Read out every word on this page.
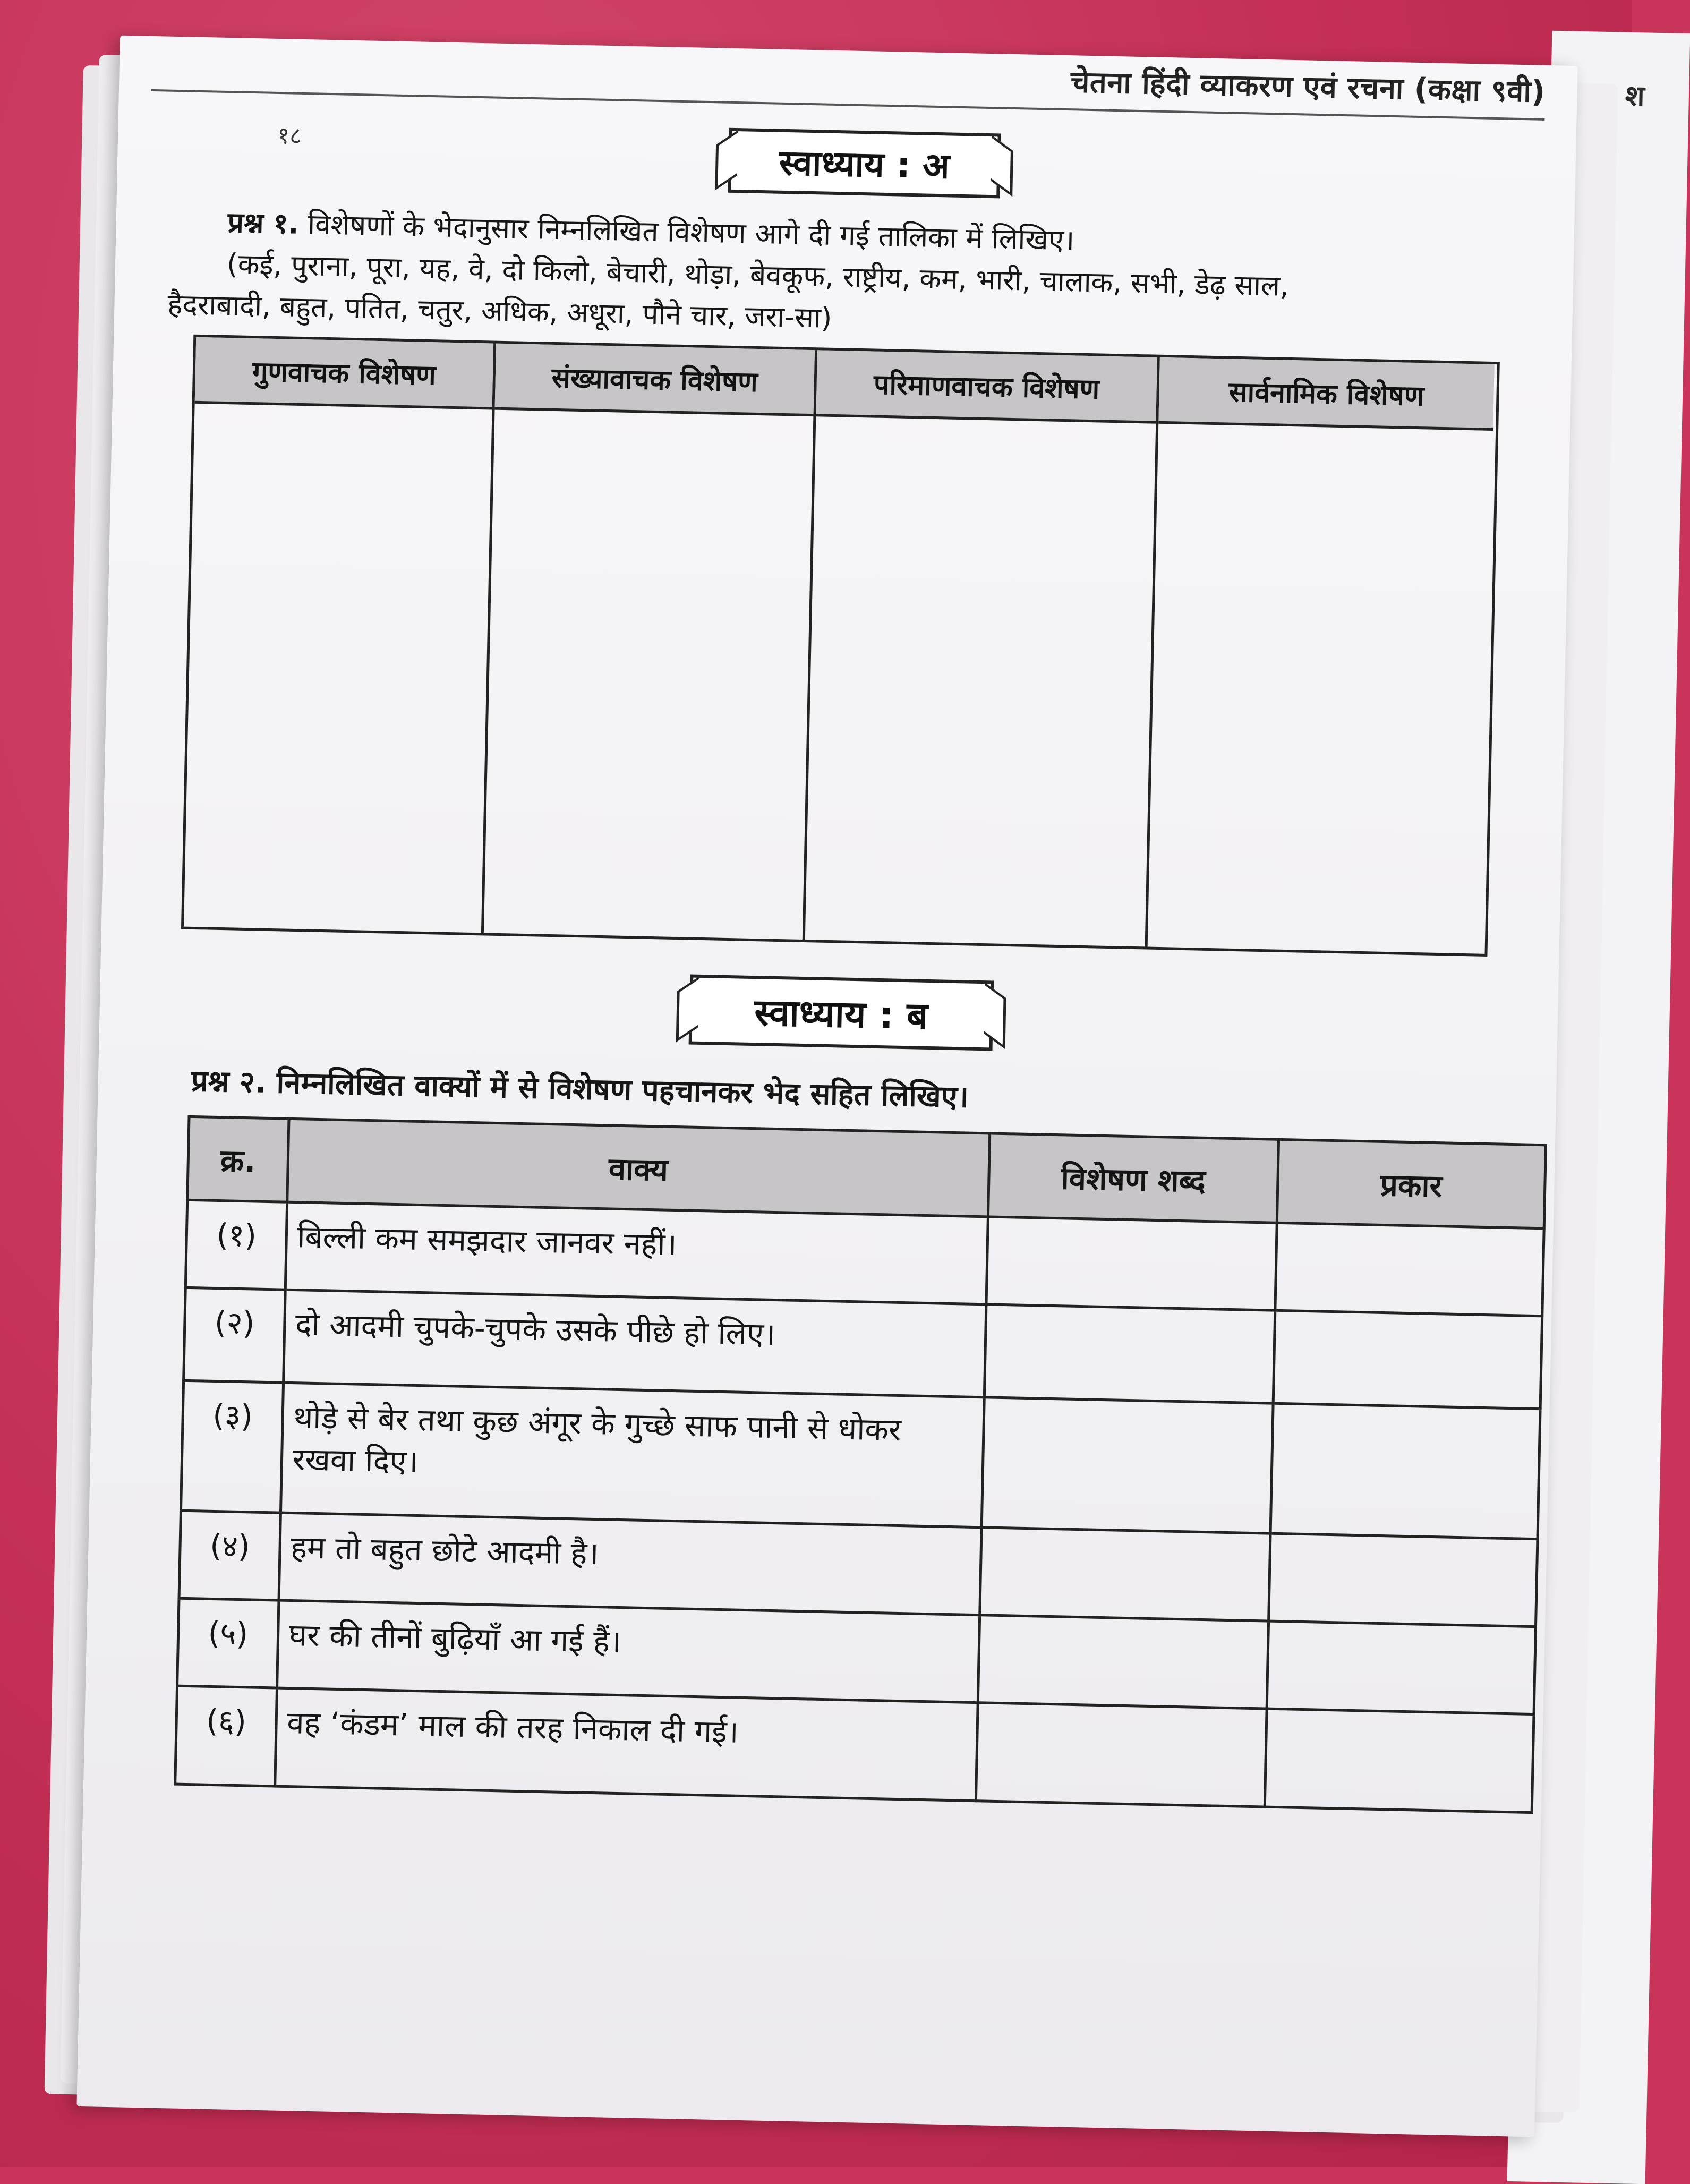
श
चेतना हिंदी व्याकरण एवं रचना (कक्षा ९वी)
१८
स्वाध्याय : अ
प्रश्न १. विशेषणों के भेदानुसार निम्नलिखित विशेषण आगे दी गई तालिका में लिखिए।
(कई, पुराना, पूरा, यह, वे, दो किलो, बेचारी, थोड़ा, बेवकूफ, राष्ट्रीय, कम, भारी, चालाक, सभी, डेढ़ साल,
हैदराबादी, बहुत, पतित, चतुर, अधिक, अधूरा, पौने चार, जरा-सा)
गुणवाचक विशेषण	संख्यावाचक विशेषण	परिमाणवाचक विशेषण	सार्वनामिक विशेषण
स्वाध्याय : ब
प्रश्न २. निम्नलिखित वाक्यों में से विशेषण पहचानकर भेद सहित लिखिए।
क्र.	वाक्य	विशेषण शब्द	प्रकार
(१)	बिल्ली कम समझदार जानवर नहीं।		
(२)	दो आदमी चुपके-चुपके उसके पीछे हो लिए।		
(३)	थोड़े से बेर तथा कुछ अंगूर के गुच्छे साफ पानी से धोकर रखवा दिए।		
(४)	हम तो बहुत छोटे आदमी है।		
(५)	घर की तीनों बुढ़ियाँ आ गई हैं।		
(६)	वह ‘कंडम’ माल की तरह निकाल दी गई।		
